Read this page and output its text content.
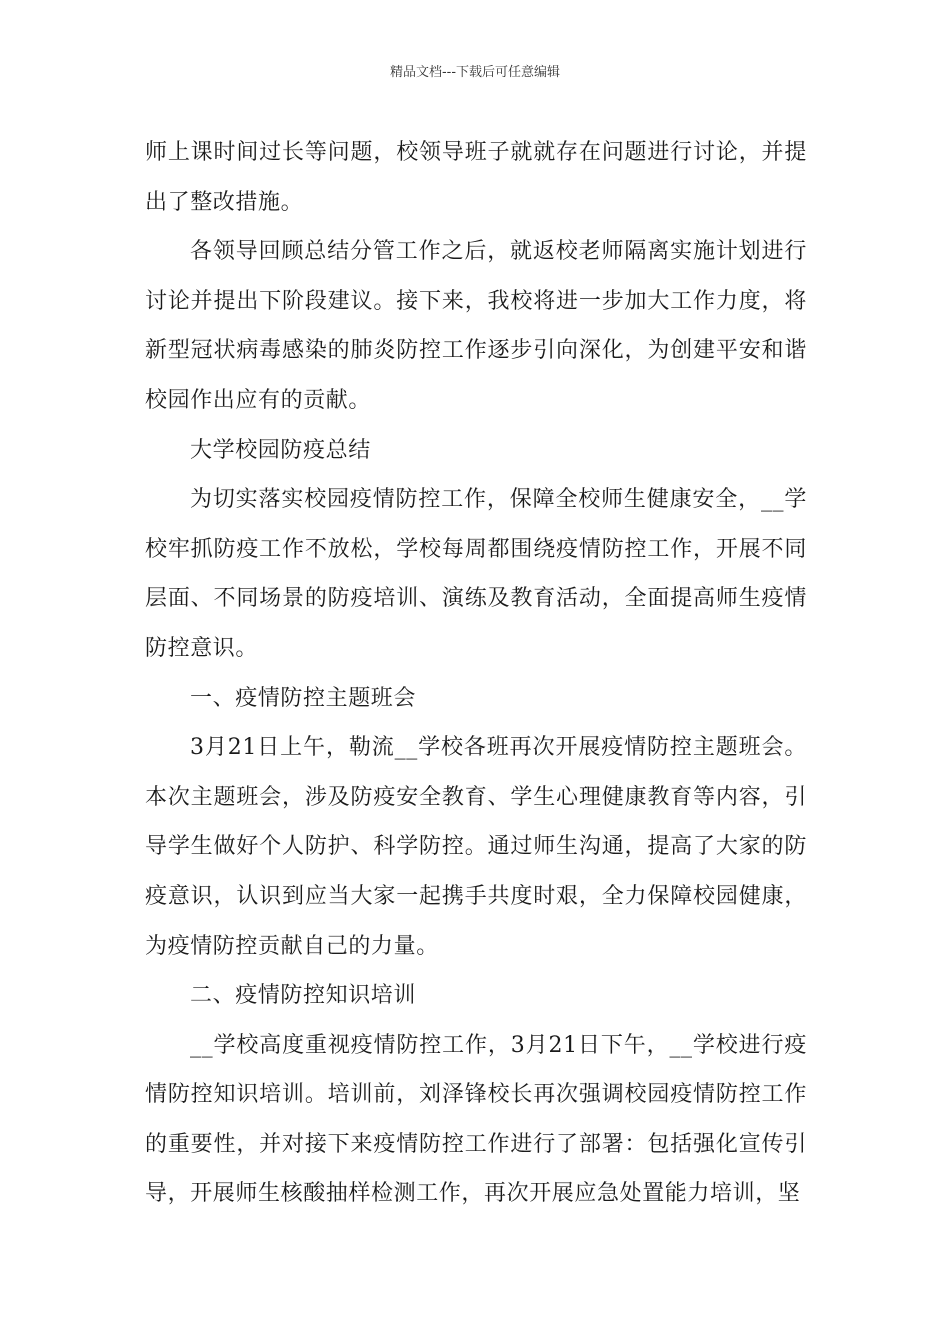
精品文档---下载后可任意编辑

师上课时间过长等问题，校领导班子就就存在问题进行讨论，并提出了整改措施。

各领导回顾总结分管工作之后，就返校老师隔离实施计划进行讨论并提出下阶段建议。接下来，我校将进一步加大工作力度，将新型冠状病毒感染的肺炎防控工作逐步引向深化，为创建平安和谐校园作出应有的贡献。

大学校园防疫总结

为切实落实校园疫情防控工作，保障全校师生健康安全，__学校牢抓防疫工作不放松，学校每周都围绕疫情防控工作，开展不同层面、不同场景的防疫培训、演练及教育活动，全面提高师生疫情防控意识。

一、疫情防控主题班会

3月21日上午，勒流__学校各班再次开展疫情防控主题班会。本次主题班会，涉及防疫安全教育、学生心理健康教育等内容，引导学生做好个人防护、科学防控。通过师生沟通，提高了大家的防疫意识，认识到应当大家一起携手共度时艰，全力保障校园健康，为疫情防控贡献自己的力量。

二、疫情防控知识培训

__学校高度重视疫情防控工作，3月21日下午，__学校进行疫情防控知识培训。培训前，刘泽锋校长再次强调校园疫情防控工作的重要性，并对接下来疫情防控工作进行了部署：包括强化宣传引导，开展师生核酸抽样检测工作，再次开展应急处置能力培训，坚
